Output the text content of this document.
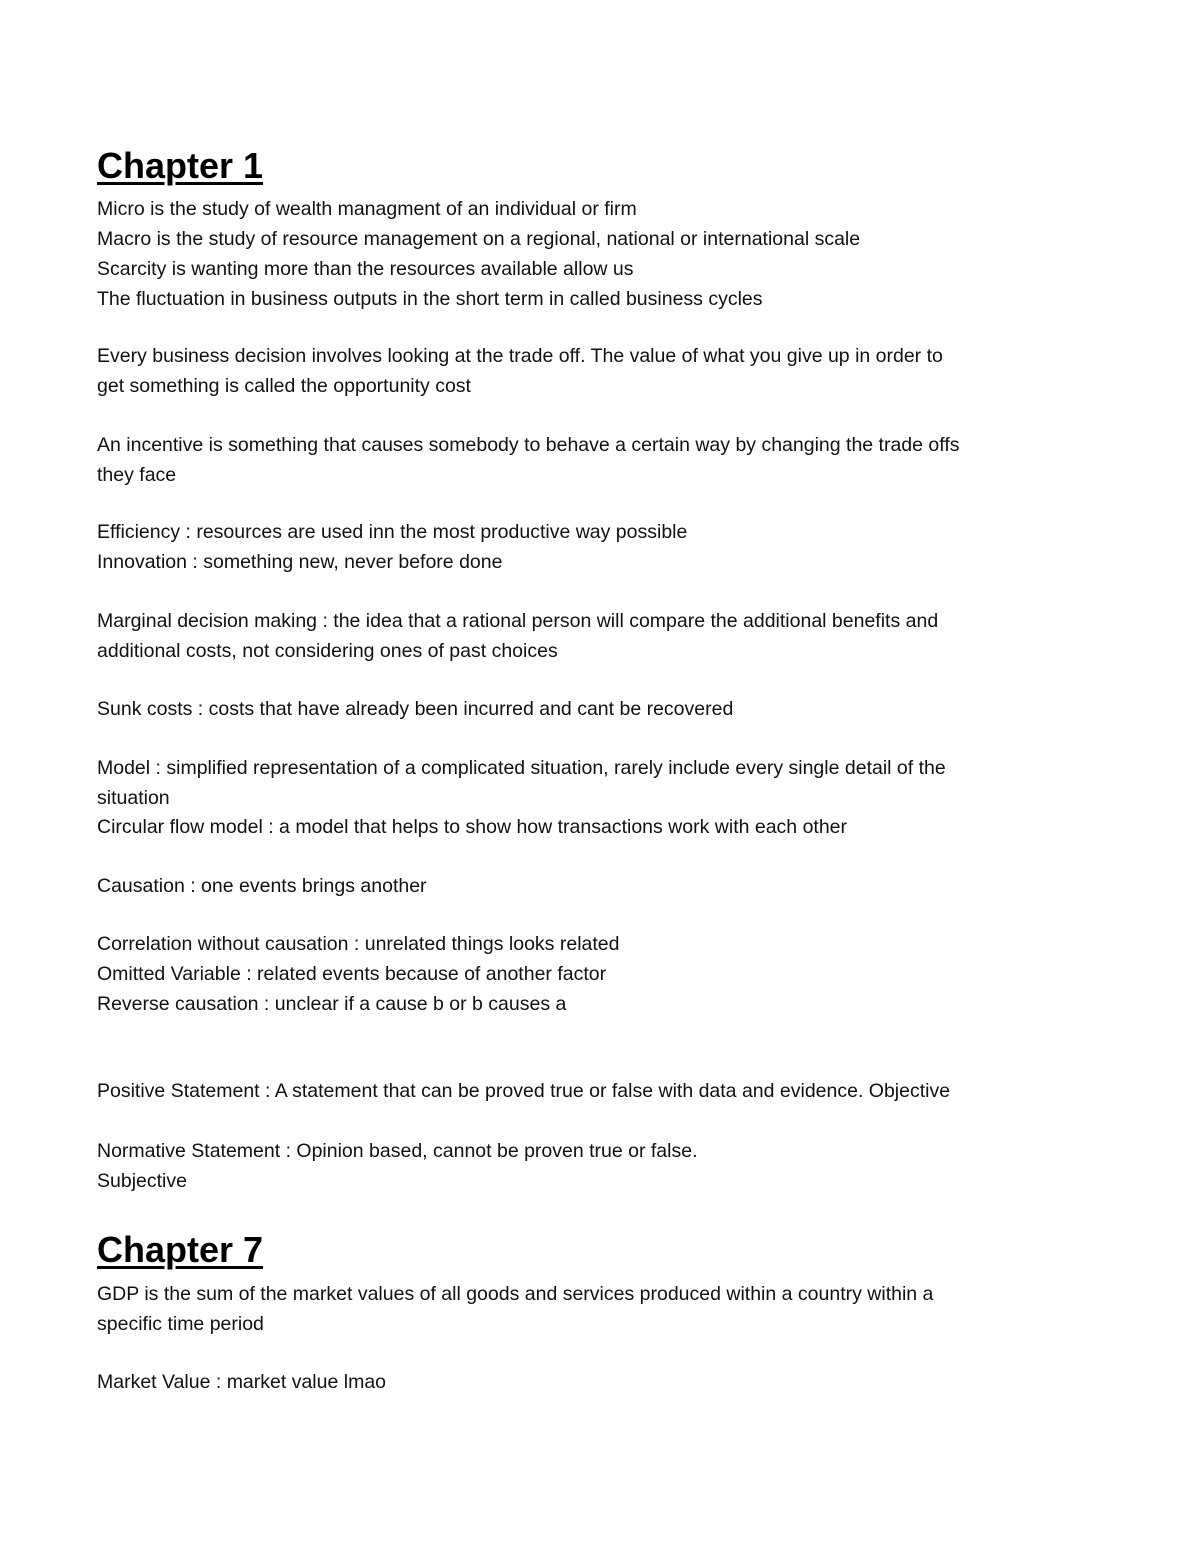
Chapter 1

Micro is the study of wealth managment of an individual or firm

Macro is the study of resource management on a regional, national or international scale

Scarcity is wanting more than the resources available allow us

The fluctuation in business outputs in the short term in called business cycles

Every business decision involves looking at the trade off. The value of what you give up in order to

get something is called the opportunity cost

An incentive is something that causes somebody to behave a certain way by changing the trade offs

they face

Efficiency : resources are used inn the most productive way possible

Innovation : something new, never before done

Marginal decision making : the idea that a rational person will compare the additional benefits and

additional costs, not considering ones of past choices

Sunk costs : costs that have already been incurred and cant be recovered

Model : simplified representation of a complicated situation, rarely include every single detail of the

situation

Circular flow model : a model that helps to show how transactions work with each other

Causation : one events brings another

Correlation without causation : unrelated things looks related

Omitted Variable : related events because of another factor

Reverse causation : unclear if a cause b or b causes a

Positive Statement : A statement that can be proved true or false with data and evidence. Objective

Normative Statement : Opinion based, cannot be proven true or false.

Subjective

Chapter 7

GDP is the sum of the market values of all goods and services produced within a country within a

specific time period

Market Value : market value lmao
